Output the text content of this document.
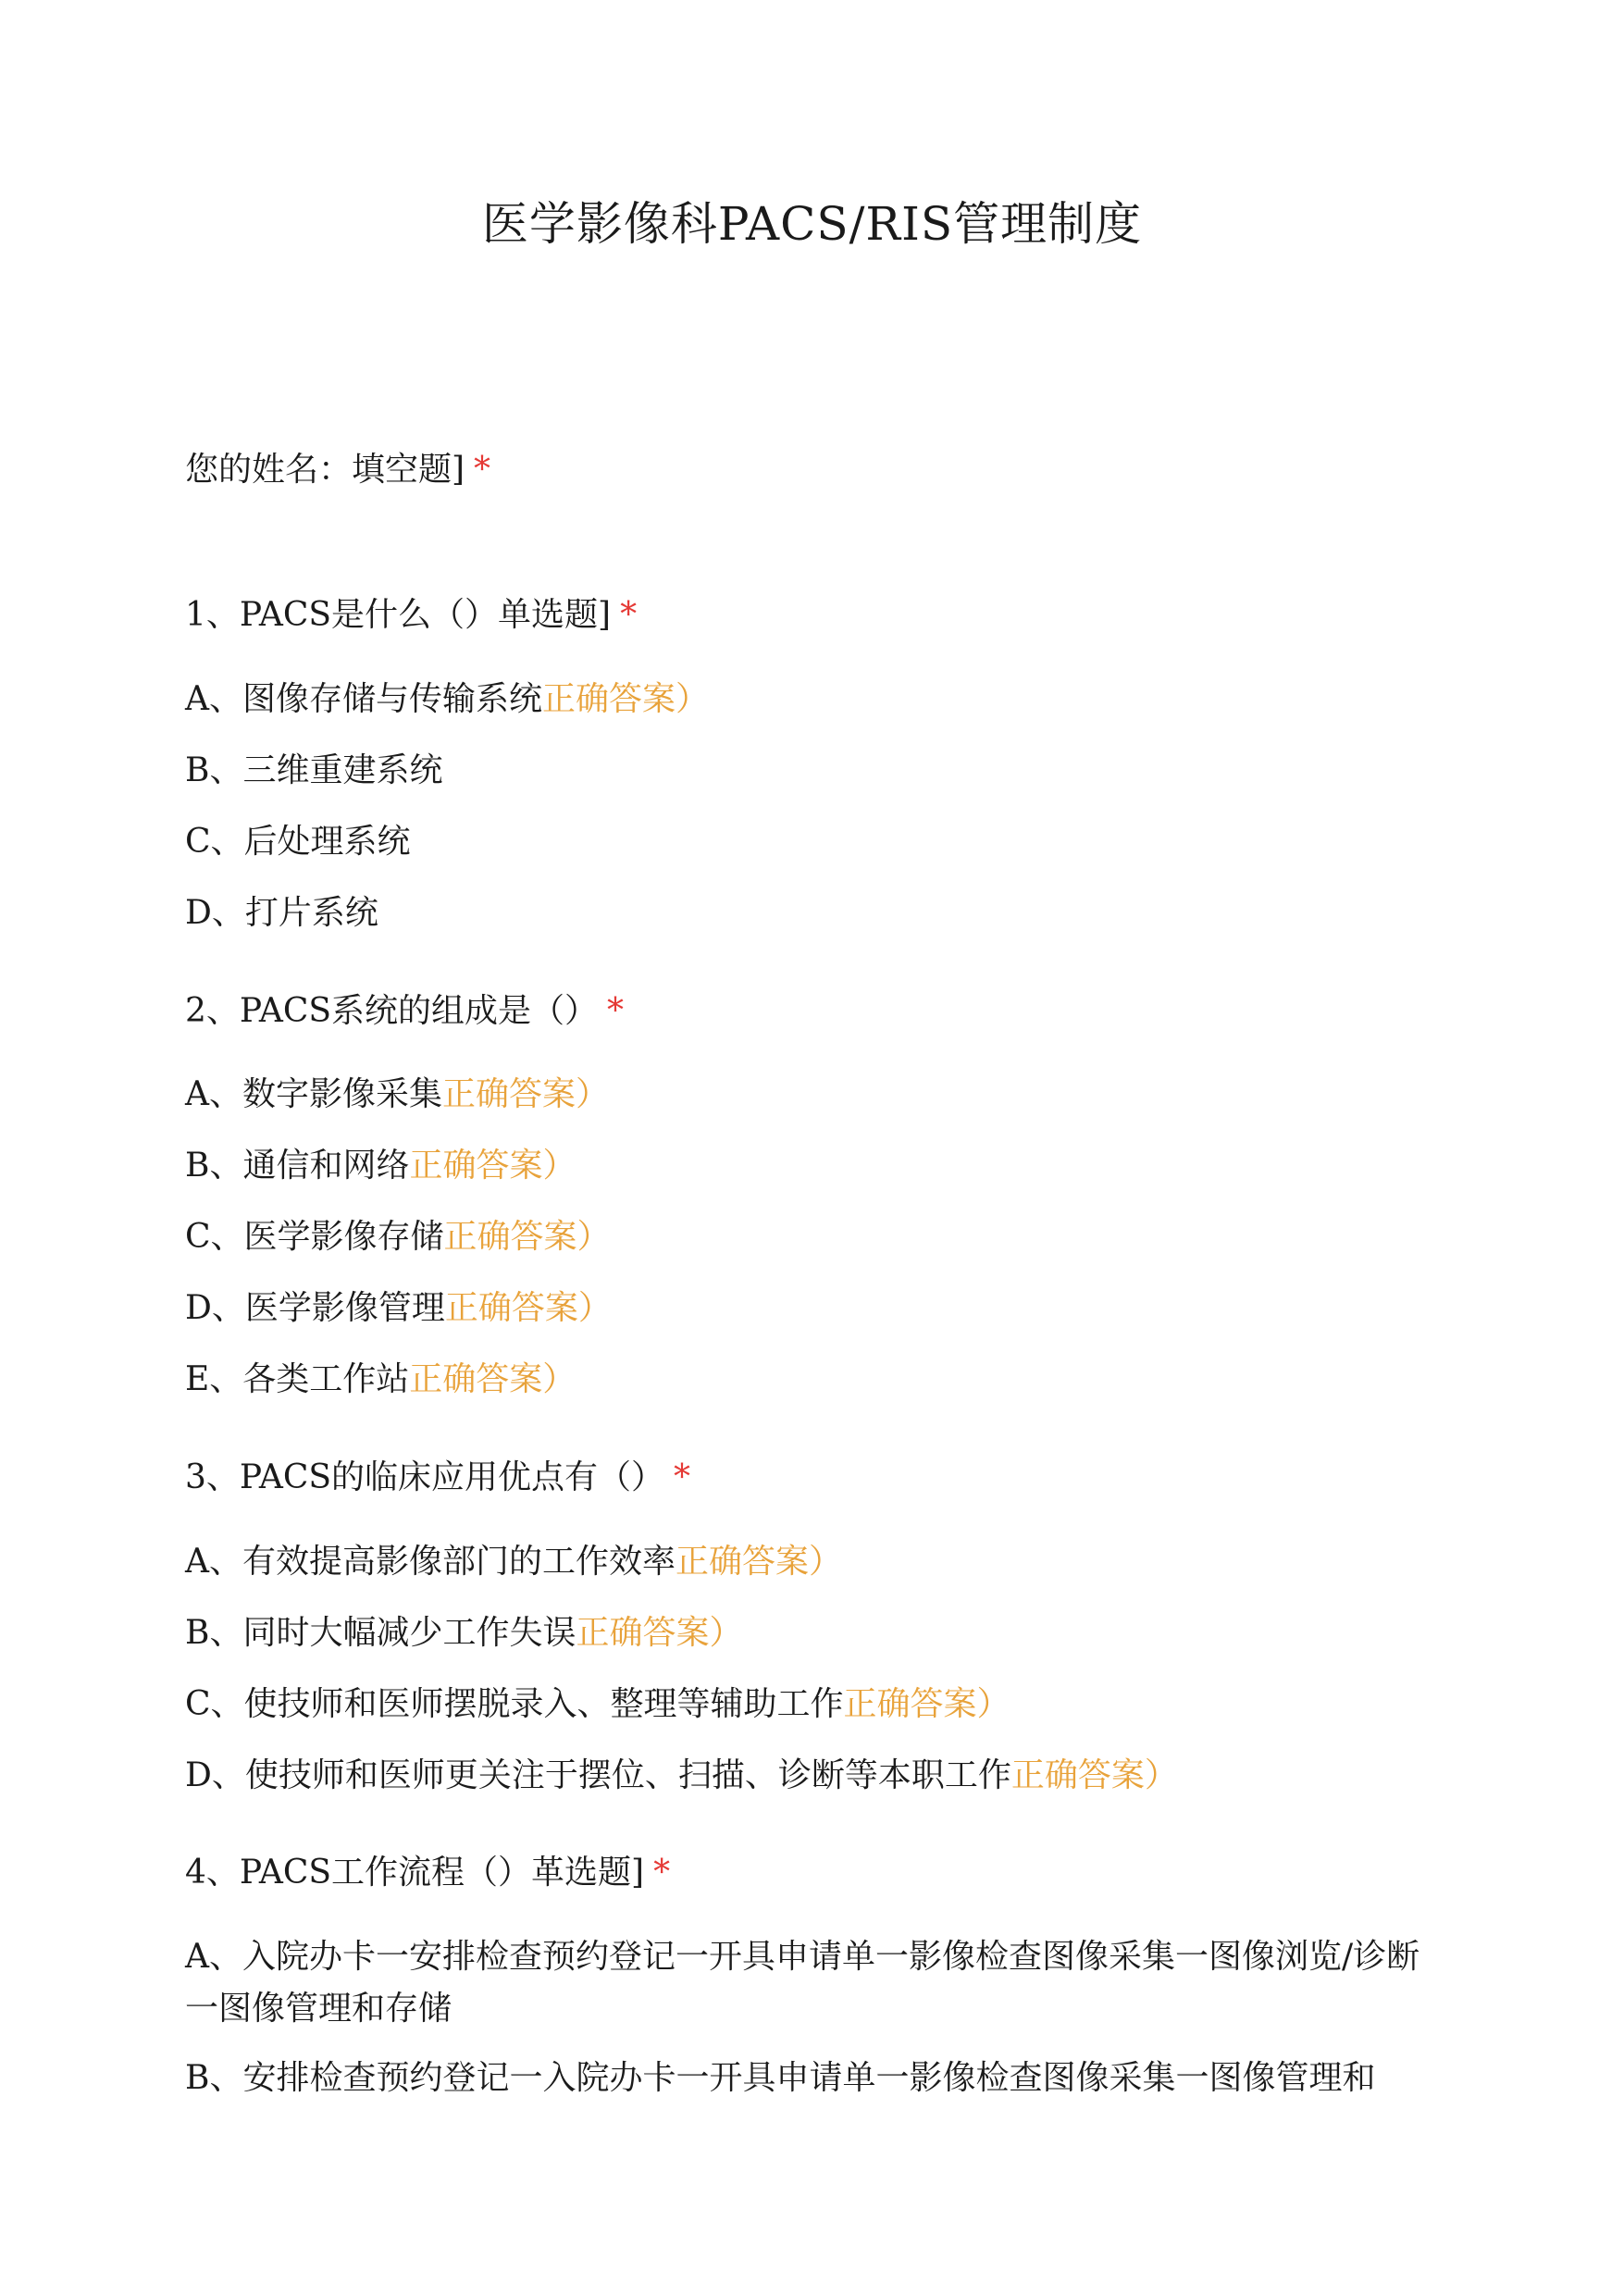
医学影像科PACS/RIS管理制度
您的姓名：填空题] *
1、PACS是什么（）单选题] *
A、图像存储与传输系统正确答案）
B、三维重建系统
C、后处理系统
D、打片系统
2、PACS系统的组成是（） *
A、数字影像采集正确答案）
B、通信和网络正确答案）
C、医学影像存储正确答案）
D、医学影像管理正确答案）
E、各类工作站正确答案）
3、PACS的临床应用优点有（） *
A、有效提高影像部门的工作效率正确答案）
B、同时大幅减少工作失误正确答案）
C、使技师和医师摆脱录入、整理等辅助工作正确答案）
D、使技师和医师更关注于摆位、扫描、诊断等本职工作正确答案）
4、PACS工作流程（）革选题] *
A、入院办卡一安排检查预约登记一开具申请单一影像检查图像采集一图像浏览/诊断一图像管理和存储
B、安排检查预约登记一入院办卡一开具申请单一影像检查图像采集一图像管理和
